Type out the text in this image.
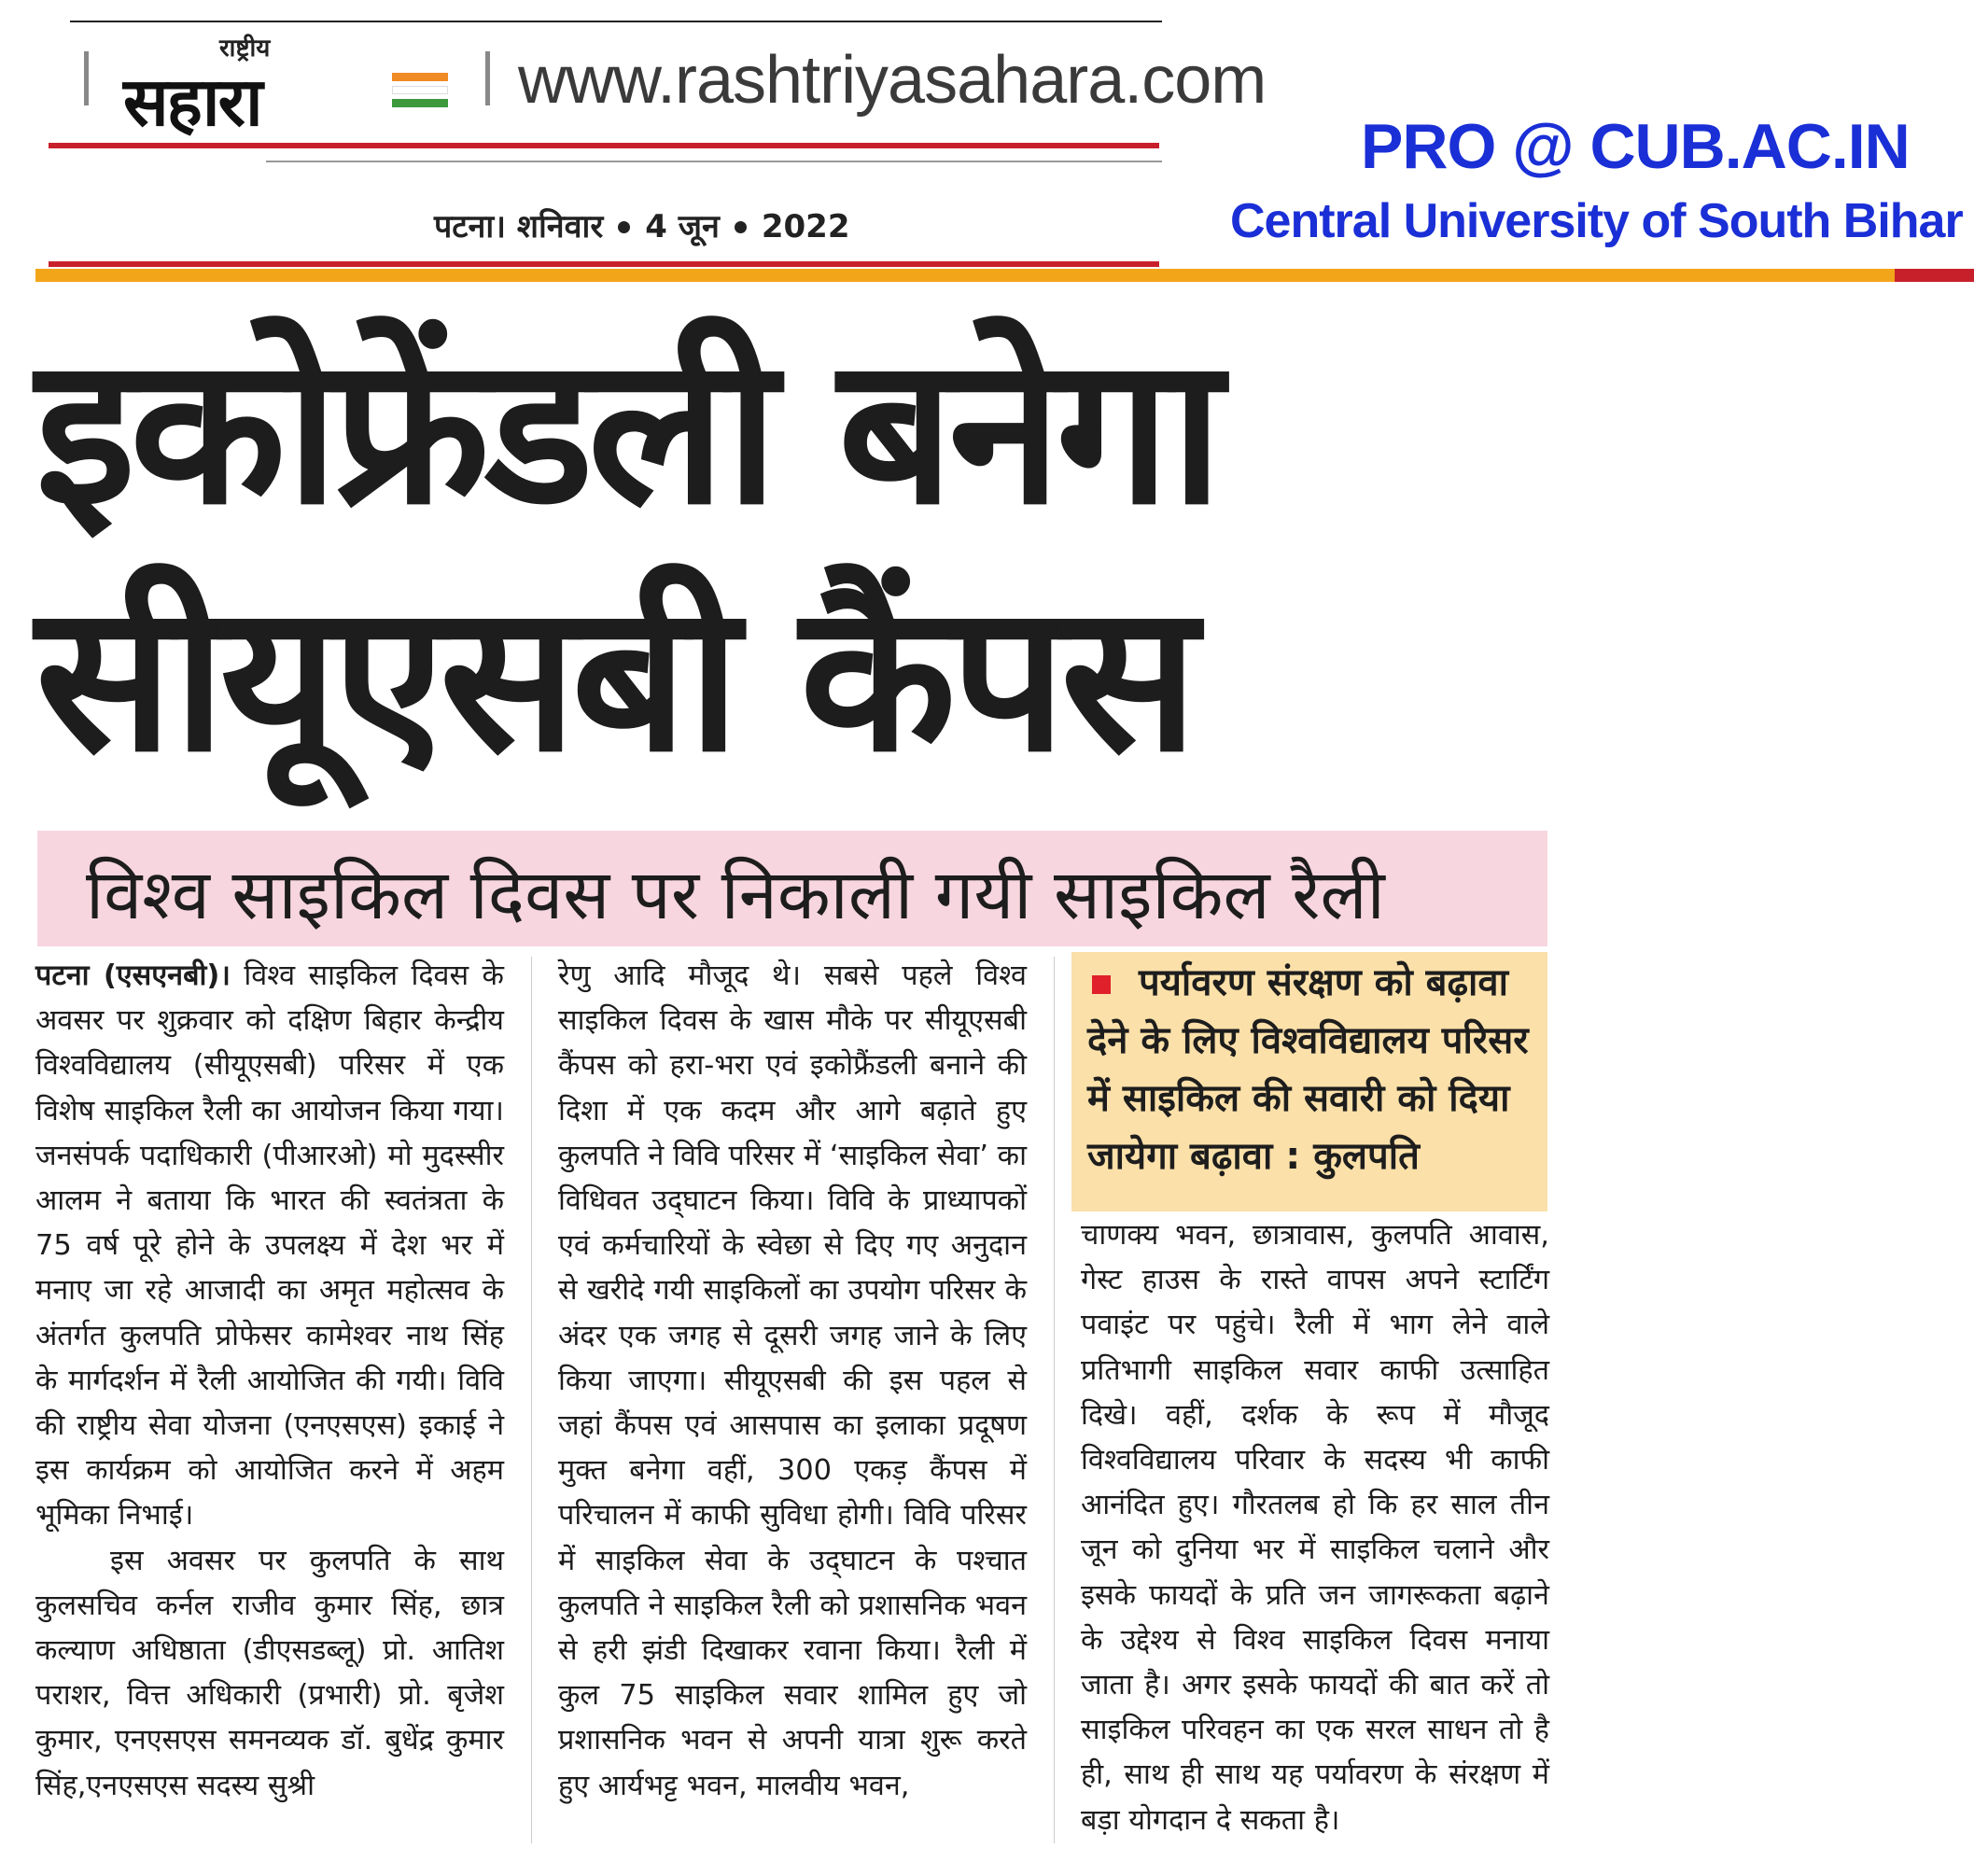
राष्ट्रीय
सहारा	www.rashtriyasahara.com
पटना। शनिवार 4 जून 2022
PRO @ CUB.AC.IN
Central University of South Bihar
इकोफ्रेंडली बनेगा
सीयूएसबी कैंपस
विश्व साइकिल दिवस पर निकाली गयी साइकिल रैली

पटना (एसएनबी)। विश्व साइकिल दिवस के अवसर पर शुक्रवार को दक्षिण बिहार केन्द्रीय विश्वविद्यालय (सीयूएसबी) परिसर में एक विशेष साइकिल रैली का आयोजन किया गया। जनसंपर्क पदाधिकारी (पीआरओ) मो मुदस्सीर आलम ने बताया कि भारत की स्वतंत्रता के 75 वर्ष पूरे होने के उपलक्ष्य में देश भर में मनाए जा रहे आजादी का अमृत महोत्सव के अंतर्गत कुलपति प्रोफेसर कामेश्वर नाथ सिंह के मार्गदर्शन में रैली आयोजित की गयी। विवि की राष्ट्रीय सेवा योजना (एनएसएस) इकाई ने इस कार्यक्रम को आयोजित करने में अहम भूमिका निभाई।

इस अवसर पर कुलपति के साथ कुलसचिव कर्नल राजीव कुमार सिंह, छात्र कल्याण अधिष्ठाता (डीएसडब्लू) प्रो. आतिश पराशर, वित्त अधिकारी (प्रभारी) प्रो. बृजेश कुमार, एनएसएस समनव्यक डॉ. बुधेंद्र कुमार सिंह,एनएसएस सदस्य सुश्री

रेणु आदि मौजूद थे। सबसे पहले विश्व साइकिल दिवस के खास मौके पर सीयूएसबी कैंपस को हरा-भरा एवं इकोफ्रैंडली बनाने की दिशा में एक कदम और आगे बढ़ाते हुए कुलपति ने विवि परिसर में ‘साइकिल सेवा’ का विधिवत उद्‌घाटन किया। विवि के प्राध्यापकों एवं कर्मचारियों के स्वेछा से दिए गए अनुदान से खरीदे गयी साइकिलों का उपयोग परिसर के अंदर एक जगह से दूसरी जगह जाने के लिए किया जाएगा। सीयूएसबी की इस पहल से जहां कैंपस एवं आसपास का इलाका प्रदूषण मुक्त बनेगा वहीं, 300 एकड़ कैंपस में परिचालन में काफी सुविधा होगी। विवि परिसर में साइकिल सेवा के उद्‌घाटन के पश्चात कुलपति ने साइकिल रैली को प्रशासनिक भवन से हरी झंडी दिखाकर रवाना किया। रैली में कुल 75 साइकिल सवार शामिल हुए जो प्रशासनिक भवन से अपनी यात्रा शुरू करते हुए आर्यभट्ट भवन, मालवीय भवन,

पर्यावरण संरक्षण को बढ़ावा देने के लिए विश्वविद्यालय परिसर में साइकिल की सवारी को दिया जायेगा बढ़ावा : कुलपति

चाणक्य भवन, छात्रावास, कुलपति आवास, गेस्ट हाउस के रास्ते वापस अपने स्टार्टिंग पवाइंट पर पहुंचे। रैली में भाग लेने वाले प्रतिभागी साइकिल सवार काफी उत्साहित दिखे। वहीं, दर्शक के रूप में मौजूद विश्वविद्यालय परिवार के सदस्य भी काफी आनंदित हुए। गौरतलब हो कि हर साल तीन जून को दुनिया भर में साइकिल चलाने और इसके फायदों के प्रति जन जागरूकता बढ़ाने के उद्देश्य से विश्व साइकिल दिवस मनाया जाता है। अगर इसके फायदों की बात करें तो साइकिल परिवहन का एक सरल साधन तो है ही, साथ ही साथ यह पर्यावरण के संरक्षण में बड़ा योगदान दे सकता है।
